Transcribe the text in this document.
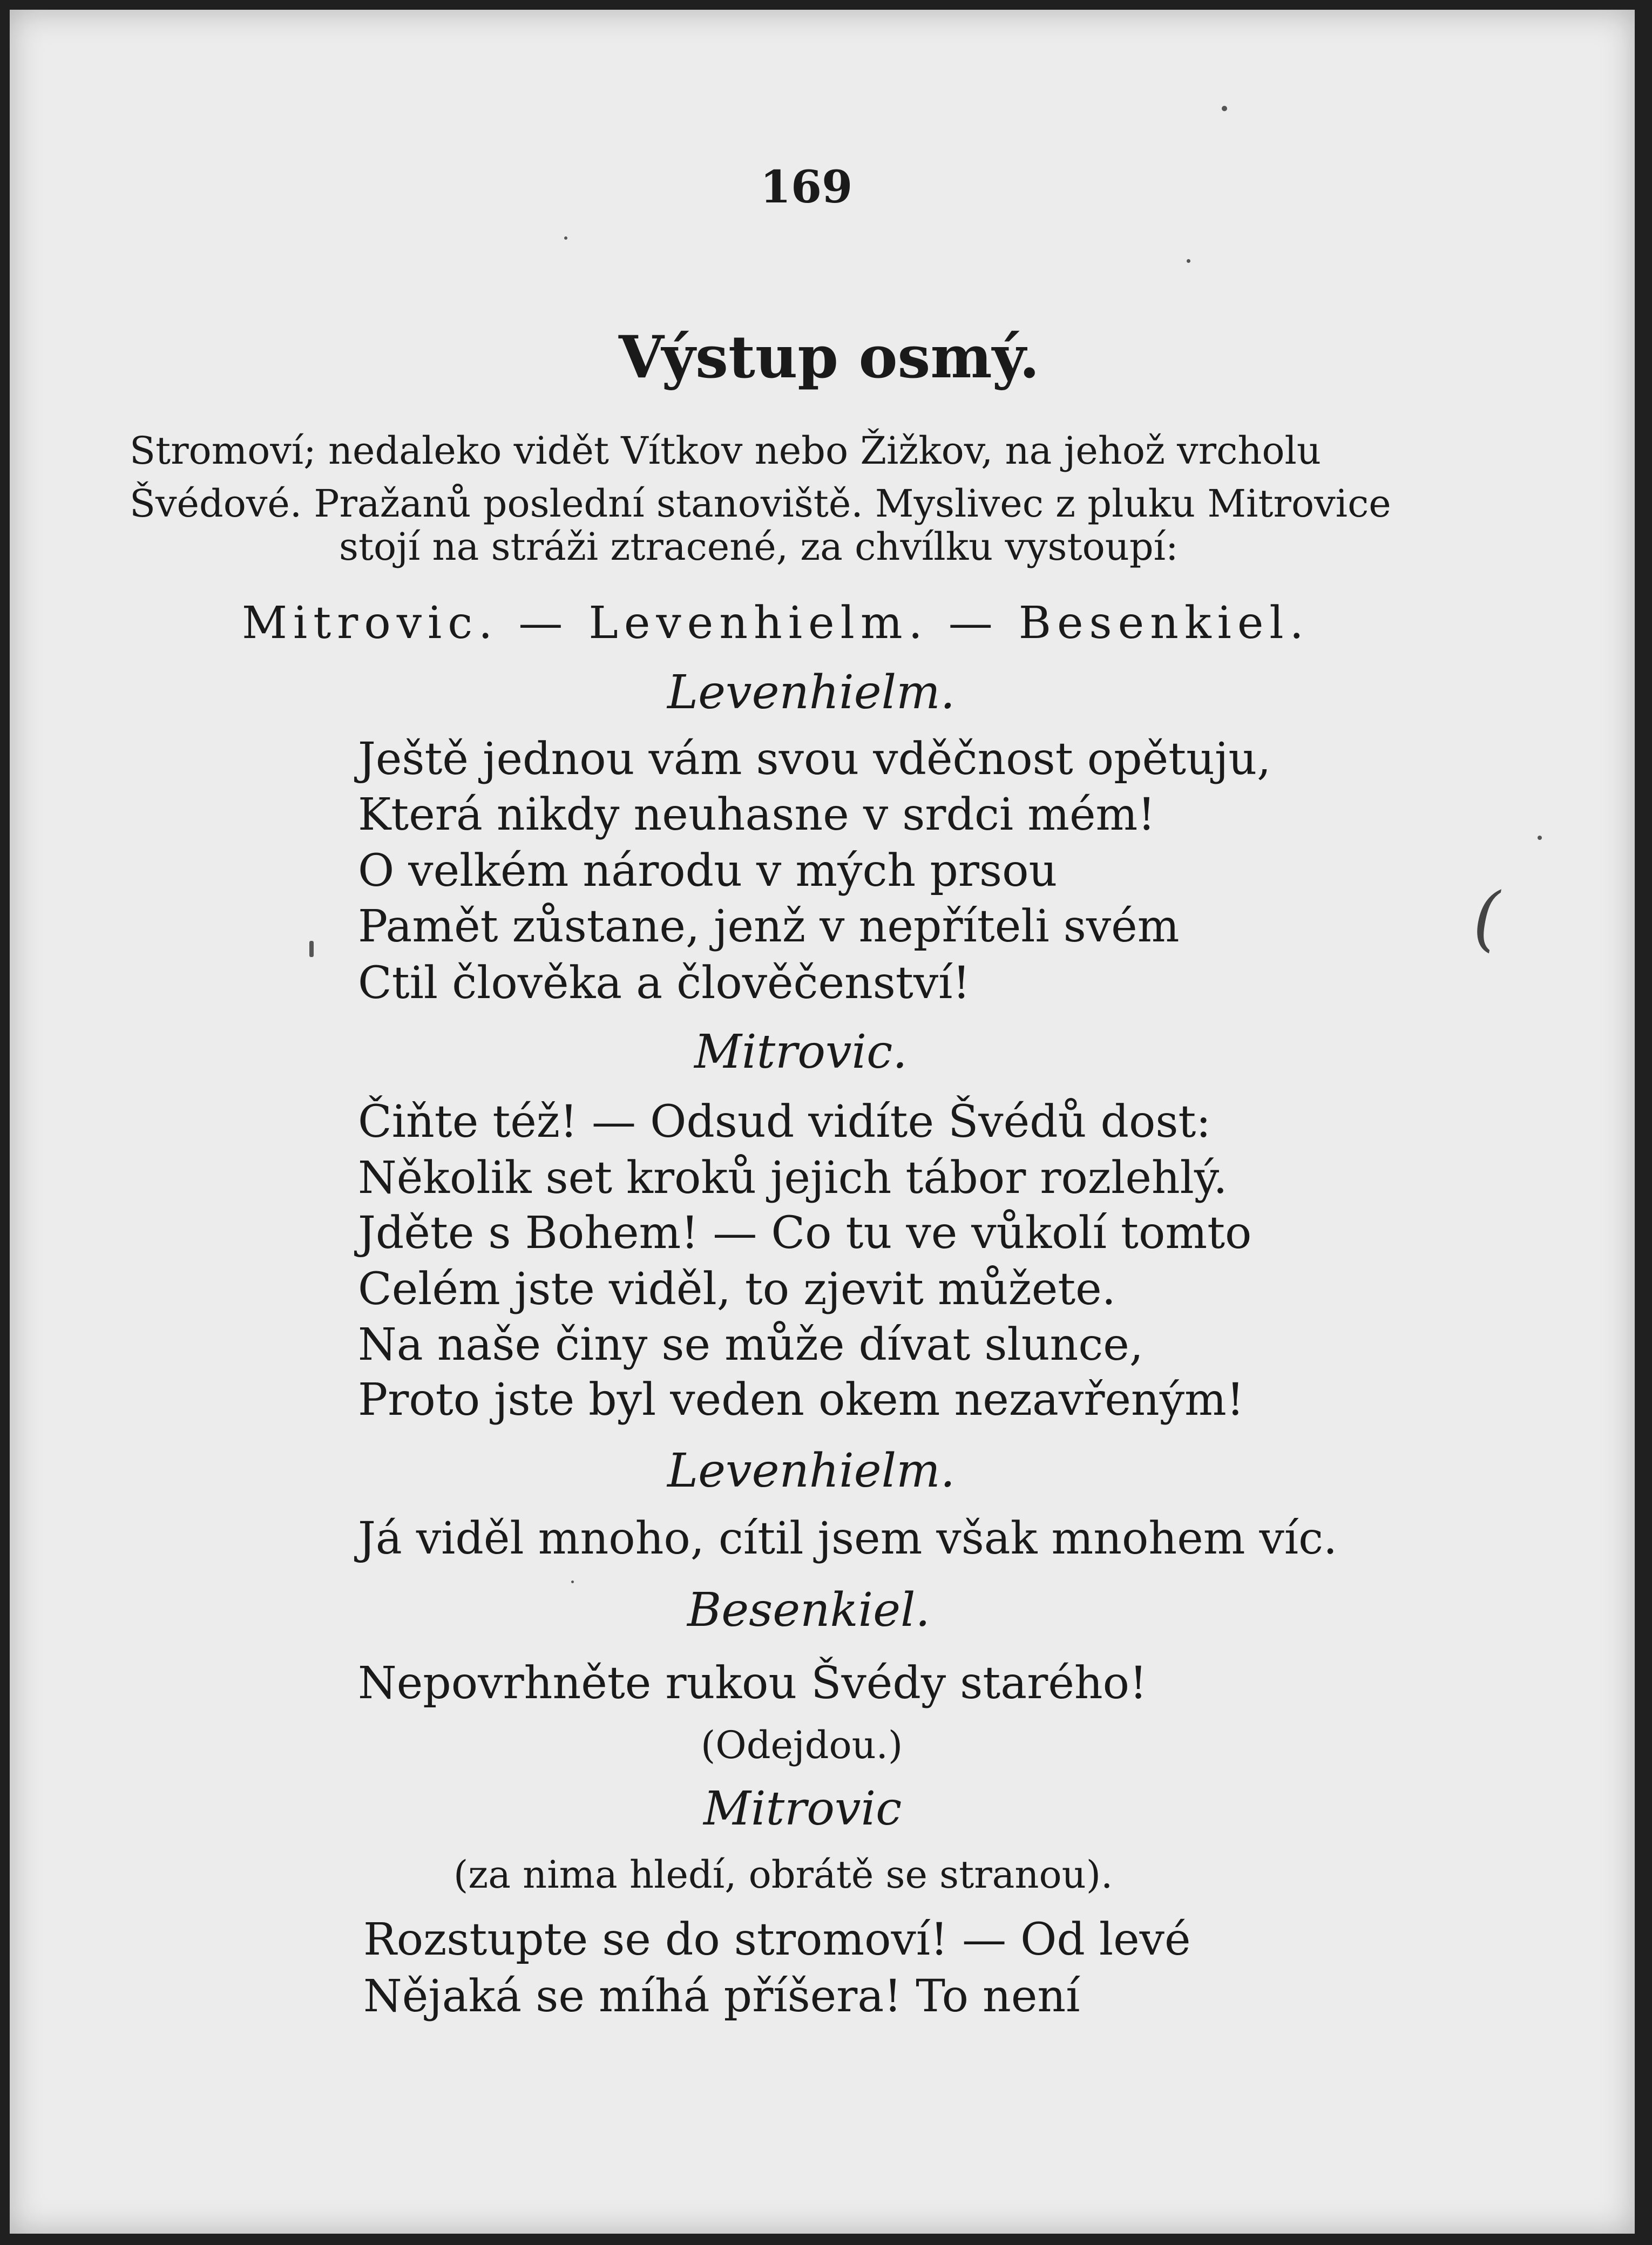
169
Výstup osmý.
Stromoví; nedaleko vidět Vítkov nebo Žižkov, na jehož vrcholu
Švédové. Pražanů poslední stanoviště. Myslivec z pluku Mitrovice
stojí na stráži ztracené, za chvílku vystoupí:
Mitrovic. — Levenhielm. — Besenkiel.
Levenhielm.
Ještě jednou vám svou vděčnost opětuju,
Která nikdy neuhasne v srdci mém!
O velkém národu v mých prsou
Pamět zůstane, jenž v nepříteli svém
Ctil člověka a člověčenství!
Mitrovic.
Čiňte též! — Odsud vidíte Švédů dost:
Několik set kroků jejich tábor rozlehlý.
Jděte s Bohem! — Co tu ve vůkolí tomto
Celém jste viděl, to zjevit můžete.
Na naše činy se může dívat slunce,
Proto jste byl veden okem nezavřeným!
Levenhielm.
Já viděl mnoho, cítil jsem však mnohem víc.
Besenkiel.
Nepovrhněte rukou Švédy starého!
(Odejdou.)
Mitrovic
(za nima hledí, obrátě se stranou).
Rozstupte se do stromoví! — Od levé
Nějaká se míhá příšera! To není
(
